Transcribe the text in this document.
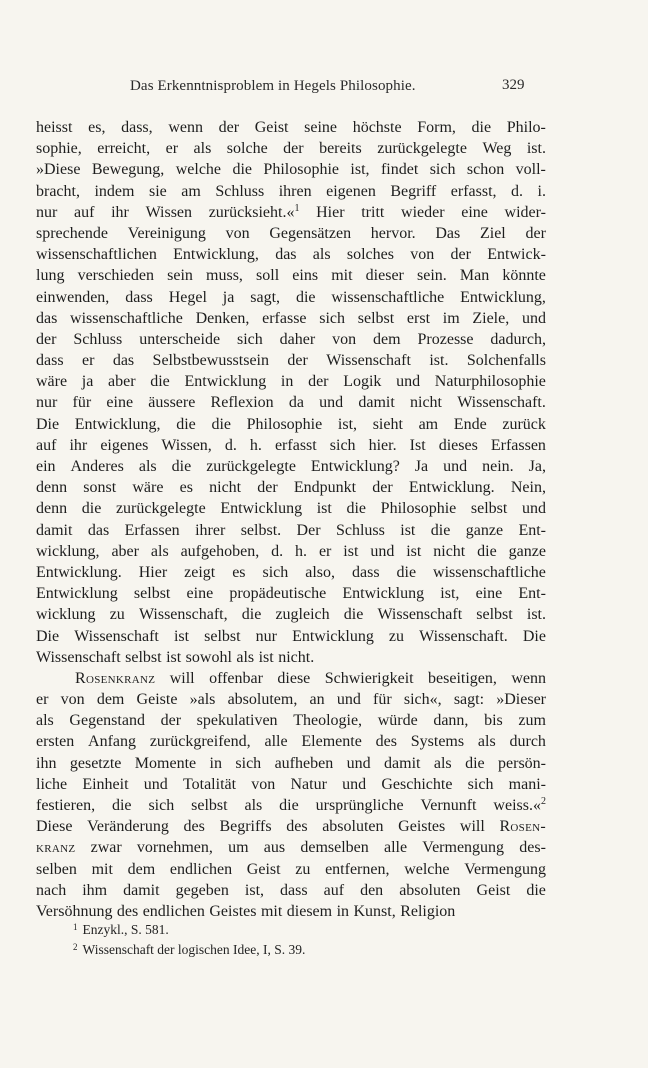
Das Erkenntnisproblem in Hegels Philosophie.	329
heisst es, dass, wenn der Geist seine höchste Form, die Philo-
sophie, erreicht, er als solche der bereits zurückgelegte Weg ist.
»Diese Bewegung, welche die Philosophie ist, findet sich schon voll-
bracht, indem sie am Schluss ihren eigenen Begriff erfasst, d. i.
nur auf ihr Wissen zurücksieht.«$^1$ Hier tritt wieder eine wider-
sprechende Vereinigung von Gegensätzen hervor. Das Ziel der
wissenschaftlichen Entwicklung, das als solches von der Entwick-
lung verschieden sein muss, soll eins mit dieser sein. Man könnte
einwenden, dass Hegel ja sagt, die wissenschaftliche Entwicklung,
das wissenschaftliche Denken, erfasse sich selbst erst im Ziele, und
der Schluss unterscheide sich daher von dem Prozesse dadurch,
dass er das Selbstbewusstsein der Wissenschaft ist. Solchenfalls
wäre ja aber die Entwicklung in der Logik und Naturphilosophie
nur für eine äussere Reflexion da und damit nicht Wissenschaft.
Die Entwicklung, die die Philosophie ist, sieht am Ende zurück
auf ihr eigenes Wissen, d. h. erfasst sich hier. Ist dieses Erfassen
ein Anderes als die zurückgelegte Entwicklung? Ja und nein. Ja,
denn sonst wäre es nicht der Endpunkt der Entwicklung. Nein,
denn die zurückgelegte Entwicklung ist die Philosophie selbst und
damit das Erfassen ihrer selbst. Der Schluss ist die ganze Ent-
wicklung, aber als aufgehoben, d. h. er ist und ist nicht die ganze
Entwicklung. Hier zeigt es sich also, dass die wissenschaftliche
Entwicklung selbst eine propädeutische Entwicklung ist, eine Ent-
wicklung zu Wissenschaft, die zugleich die Wissenschaft selbst ist.
Die Wissenschaft ist selbst nur Entwicklung zu Wissenschaft. Die
Wissenschaft selbst ist sowohl als ist nicht.
Rosenkranz will offenbar diese Schwierigkeit beseitigen, wenn
er von dem Geiste »als absolutem, an und für sich«, sagt: »Dieser
als Gegenstand der spekulativen Theologie, würde dann, bis zum
ersten Anfang zurückgreifend, alle Elemente des Systems als durch
ihn gesetzte Momente in sich aufheben und damit als die persön-
liche Einheit und Totalität von Natur und Geschichte sich mani-
festieren, die sich selbst als die ursprüngliche Vernunft weiss.«$^2$
Diese Veränderung des Begriffs des absoluten Geistes will Rosen-
kranz zwar vornehmen, um aus demselben alle Vermengung des-
selben mit dem endlichen Geist zu entfernen, welche Vermengung
nach ihm damit gegeben ist, dass auf den absoluten Geist die
Versöhnung des endlichen Geistes mit diesem in Kunst, Religion
$^1$ Enzykl., S. 581.
$^2$ Wissenschaft der logischen Idee, I, S. 39.
